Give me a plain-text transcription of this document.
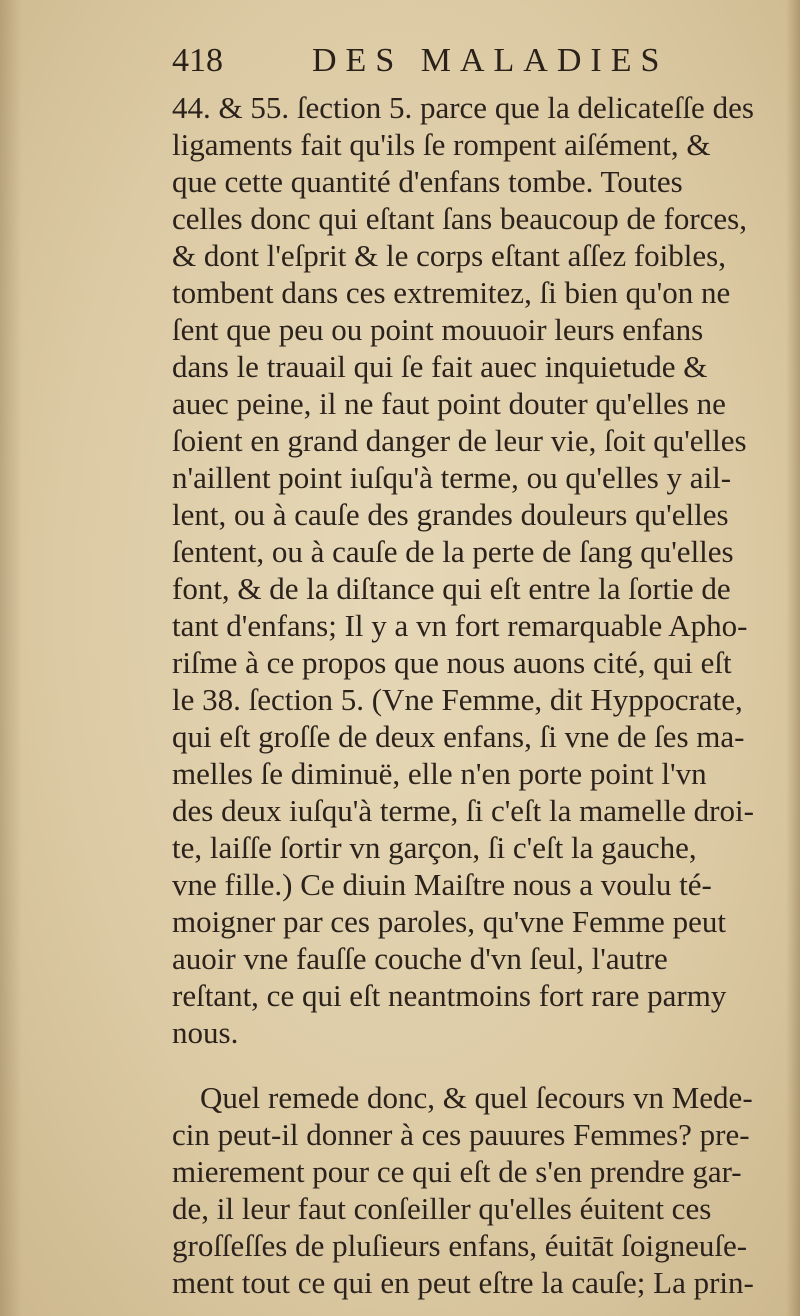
418	DES MALADIES
44. & 55. ſection 5. parce que la delicateſſe des
ligaments fait qu'ils ſe rompent aiſément, &
que cette quantité d'enfans tombe. Toutes
celles donc qui eſtant ſans beaucoup de forces,
& dont l'eſprit & le corps eſtant aſſez foibles,
tombent dans ces extremitez, ſi bien qu'on ne
ſent que peu ou point mouuoir leurs enfans
dans le trauail qui ſe fait auec inquietude &
auec peine, il ne faut point douter qu'elles ne
ſoient en grand danger de leur vie, ſoit qu'elles
n'aillent point iuſqu'à terme, ou qu'elles y ail-
lent, ou à cauſe des grandes douleurs qu'elles
ſentent, ou à cauſe de la perte de ſang qu'elles
font, & de la diſtance qui eſt entre la ſortie de
tant d'enfans; Il y a vn fort remarquable Apho-
riſme à ce propos que nous auons cité, qui eſt
le 38. ſection 5. (Vne Femme, dit Hyppocrate,
qui eſt groſſe de deux enfans, ſi vne de ſes ma-
melles ſe diminuë, elle n'en porte point l'vn
des deux iuſqu'à terme, ſi c'eſt la mamelle droi-
te, laiſſe ſortir vn garçon, ſi c'eſt la gauche,
vne fille.) Ce diuin Maiſtre nous a voulu té-
moigner par ces paroles, qu'vne Femme peut
auoir vne fauſſe couche d'vn ſeul, l'autre
reſtant, ce qui eſt neantmoins fort rare parmy
nous.
Quel remede donc, & quel ſecours vn Mede-
cin peut-il donner à ces pauures Femmes? pre-
mierement pour ce qui eſt de s'en prendre gar-
de, il leur faut conſeiller qu'elles éuitent ces
groſſeſſes de pluſieurs enfans, éuitāt ſoigneuſe-
ment tout ce qui en peut eſtre la cauſe; La prin-
